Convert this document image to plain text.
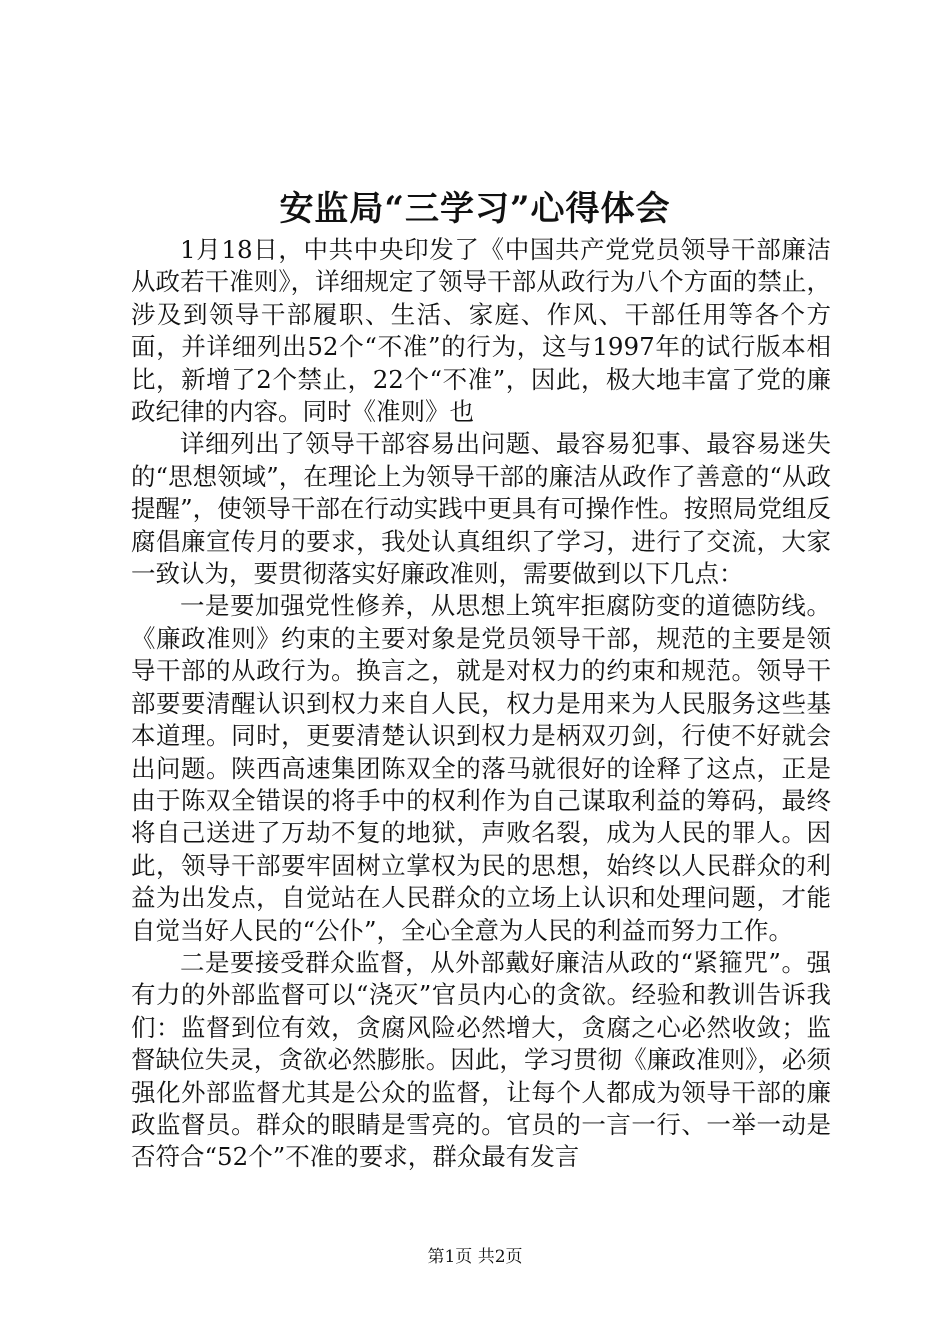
安监局“三学习”心得体会

1月18日，中共中央印发了《中国共产党党员领导干部廉洁从政若干准则》，详细规定了领导干部从政行为八个方面的禁止，涉及到领导干部履职、生活、家庭、作风、干部任用等各个方面，并详细列出52个“不准”的行为，这与1997年的试行版本相比，新增了2个禁止，22个“不准”，因此，极大地丰富了党的廉政纪律的内容。同时《准则》也

详细列出了领导干部容易出问题、最容易犯事、最容易迷失的“思想领域”，在理论上为领导干部的廉洁从政作了善意的“从政提醒”，使领导干部在行动实践中更具有可操作性。按照局党组反腐倡廉宣传月的要求，我处认真组织了学习，进行了交流，大家一致认为，要贯彻落实好廉政准则，需要做到以下几点：

一是要加强党性修养，从思想上筑牢拒腐防变的道德防线。《廉政准则》约束的主要对象是党员领导干部，规范的主要是领导干部的从政行为。换言之，就是对权力的约束和规范。领导干部要要清醒认识到权力来自人民，权力是用来为人民服务这些基本道理。同时，更要清楚认识到权力是柄双刃剑，行使不好就会出问题。陕西高速集团陈双全的落马就很好的诠释了这点，正是由于陈双全错误的将手中的权利作为自己谋取利益的筹码，最终将自己送进了万劫不复的地狱，声败名裂，成为人民的罪人。因此，领导干部要牢固树立掌权为民的思想，始终以人民群众的利益为出发点，自觉站在人民群众的立场上认识和处理问题，才能自觉当好人民的“公仆”，全心全意为人民的利益而努力工作。

二是要接受群众监督，从外部戴好廉洁从政的“紧箍咒”。强有力的外部监督可以“浇灭”官员内心的贪欲。经验和教训告诉我们：监督到位有效，贪腐风险必然增大，贪腐之心必然收敛；监督缺位失灵，贪欲必然膨胀。因此，学习贯彻《廉政准则》，必须强化外部监督尤其是公众的监督，让每个人都成为领导干部的廉政监督员。群众的眼睛是雪亮的。官员的一言一行、一举一动是否符合“52个”不准的要求，群众最有发言

第1页 共2页
